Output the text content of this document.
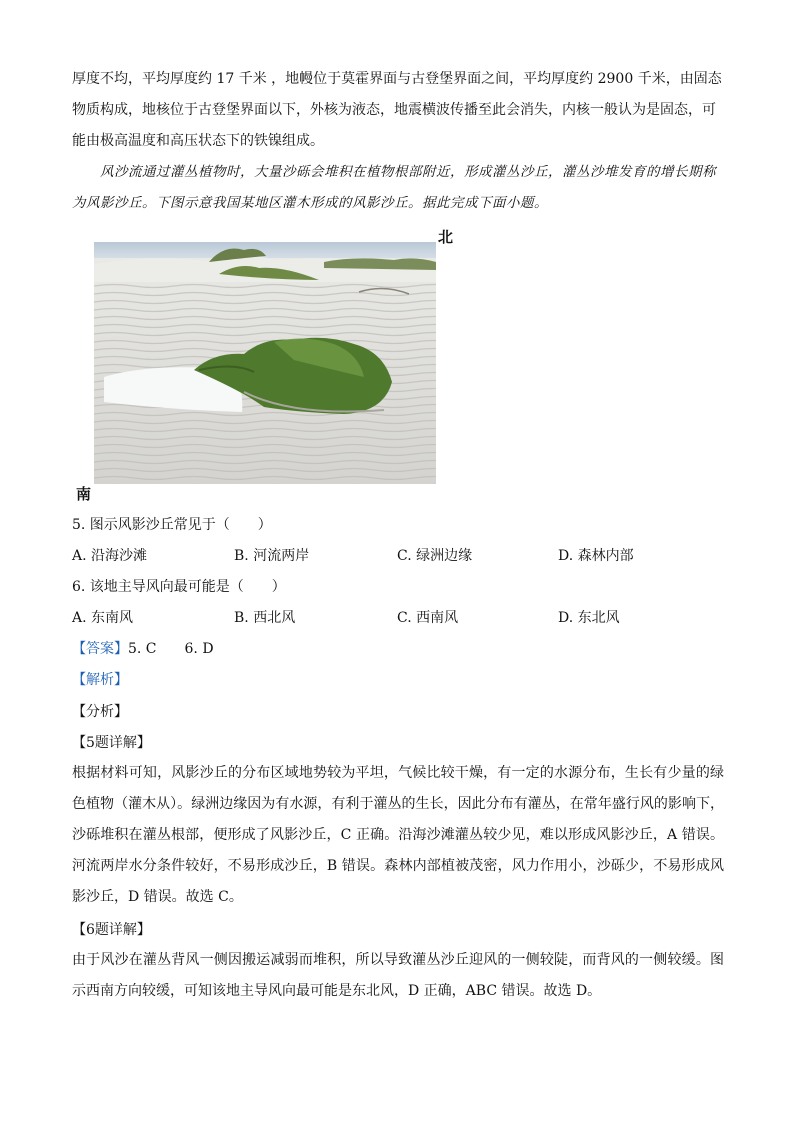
厚度不均，平均厚度约 17 千米 ，地幔位于莫霍界面与古登堡界面之间，平均厚度约 2900 千米，由固态物质构成，地核位于古登堡界面以下，外核为液态，地震横波传播至此会消失，内核一般认为是固态，可能由极高温度和高压状态下的铁镍组成。

风沙流通过灌丛植物时，大量沙砾会堆积在植物根部附近，形成灌丛沙丘，灌丛沙堆发育的增长期称为风影沙丘。下图示意我国某地区灌木形成的风影沙丘。据此完成下面小题。

北
南
5. 图示风影沙丘常见于（　　）
A. 沿海沙滩	B. 河流两岸	C. 绿洲边缘	D. 森林内部
6. 该地主导风向最可能是（　　）
A. 东南风	B. 西北风	C. 西南风	D. 东北风
【答案】5. C　　6. D
【解析】
【分析】
【5题详解】

根据材料可知，风影沙丘的分布区域地势较为平坦，气候比较干燥，有一定的水源分布，生长有少量的绿色植物（灌木从）。绿洲边缘因为有水源，有利于灌丛的生长，因此分布有灌丛，在常年盛行风的影响下，沙砾堆积在灌丛根部，便形成了风影沙丘，C 正确。沿海沙滩灌丛较少见，难以形成风影沙丘，A 错误。河流两岸水分条件较好，不易形成沙丘，B 错误。森林内部植被茂密，风力作用小，沙砾少，不易形成风影沙丘，D 错误。故选 C。

【6题详解】

由于风沙在灌丛背风一侧因搬运减弱而堆积，所以导致灌丛沙丘迎风的一侧较陡，而背风的一侧较缓。图示西南方向较缓，可知该地主导风向最可能是东北风，D 正确，ABC 错误。故选 D。
